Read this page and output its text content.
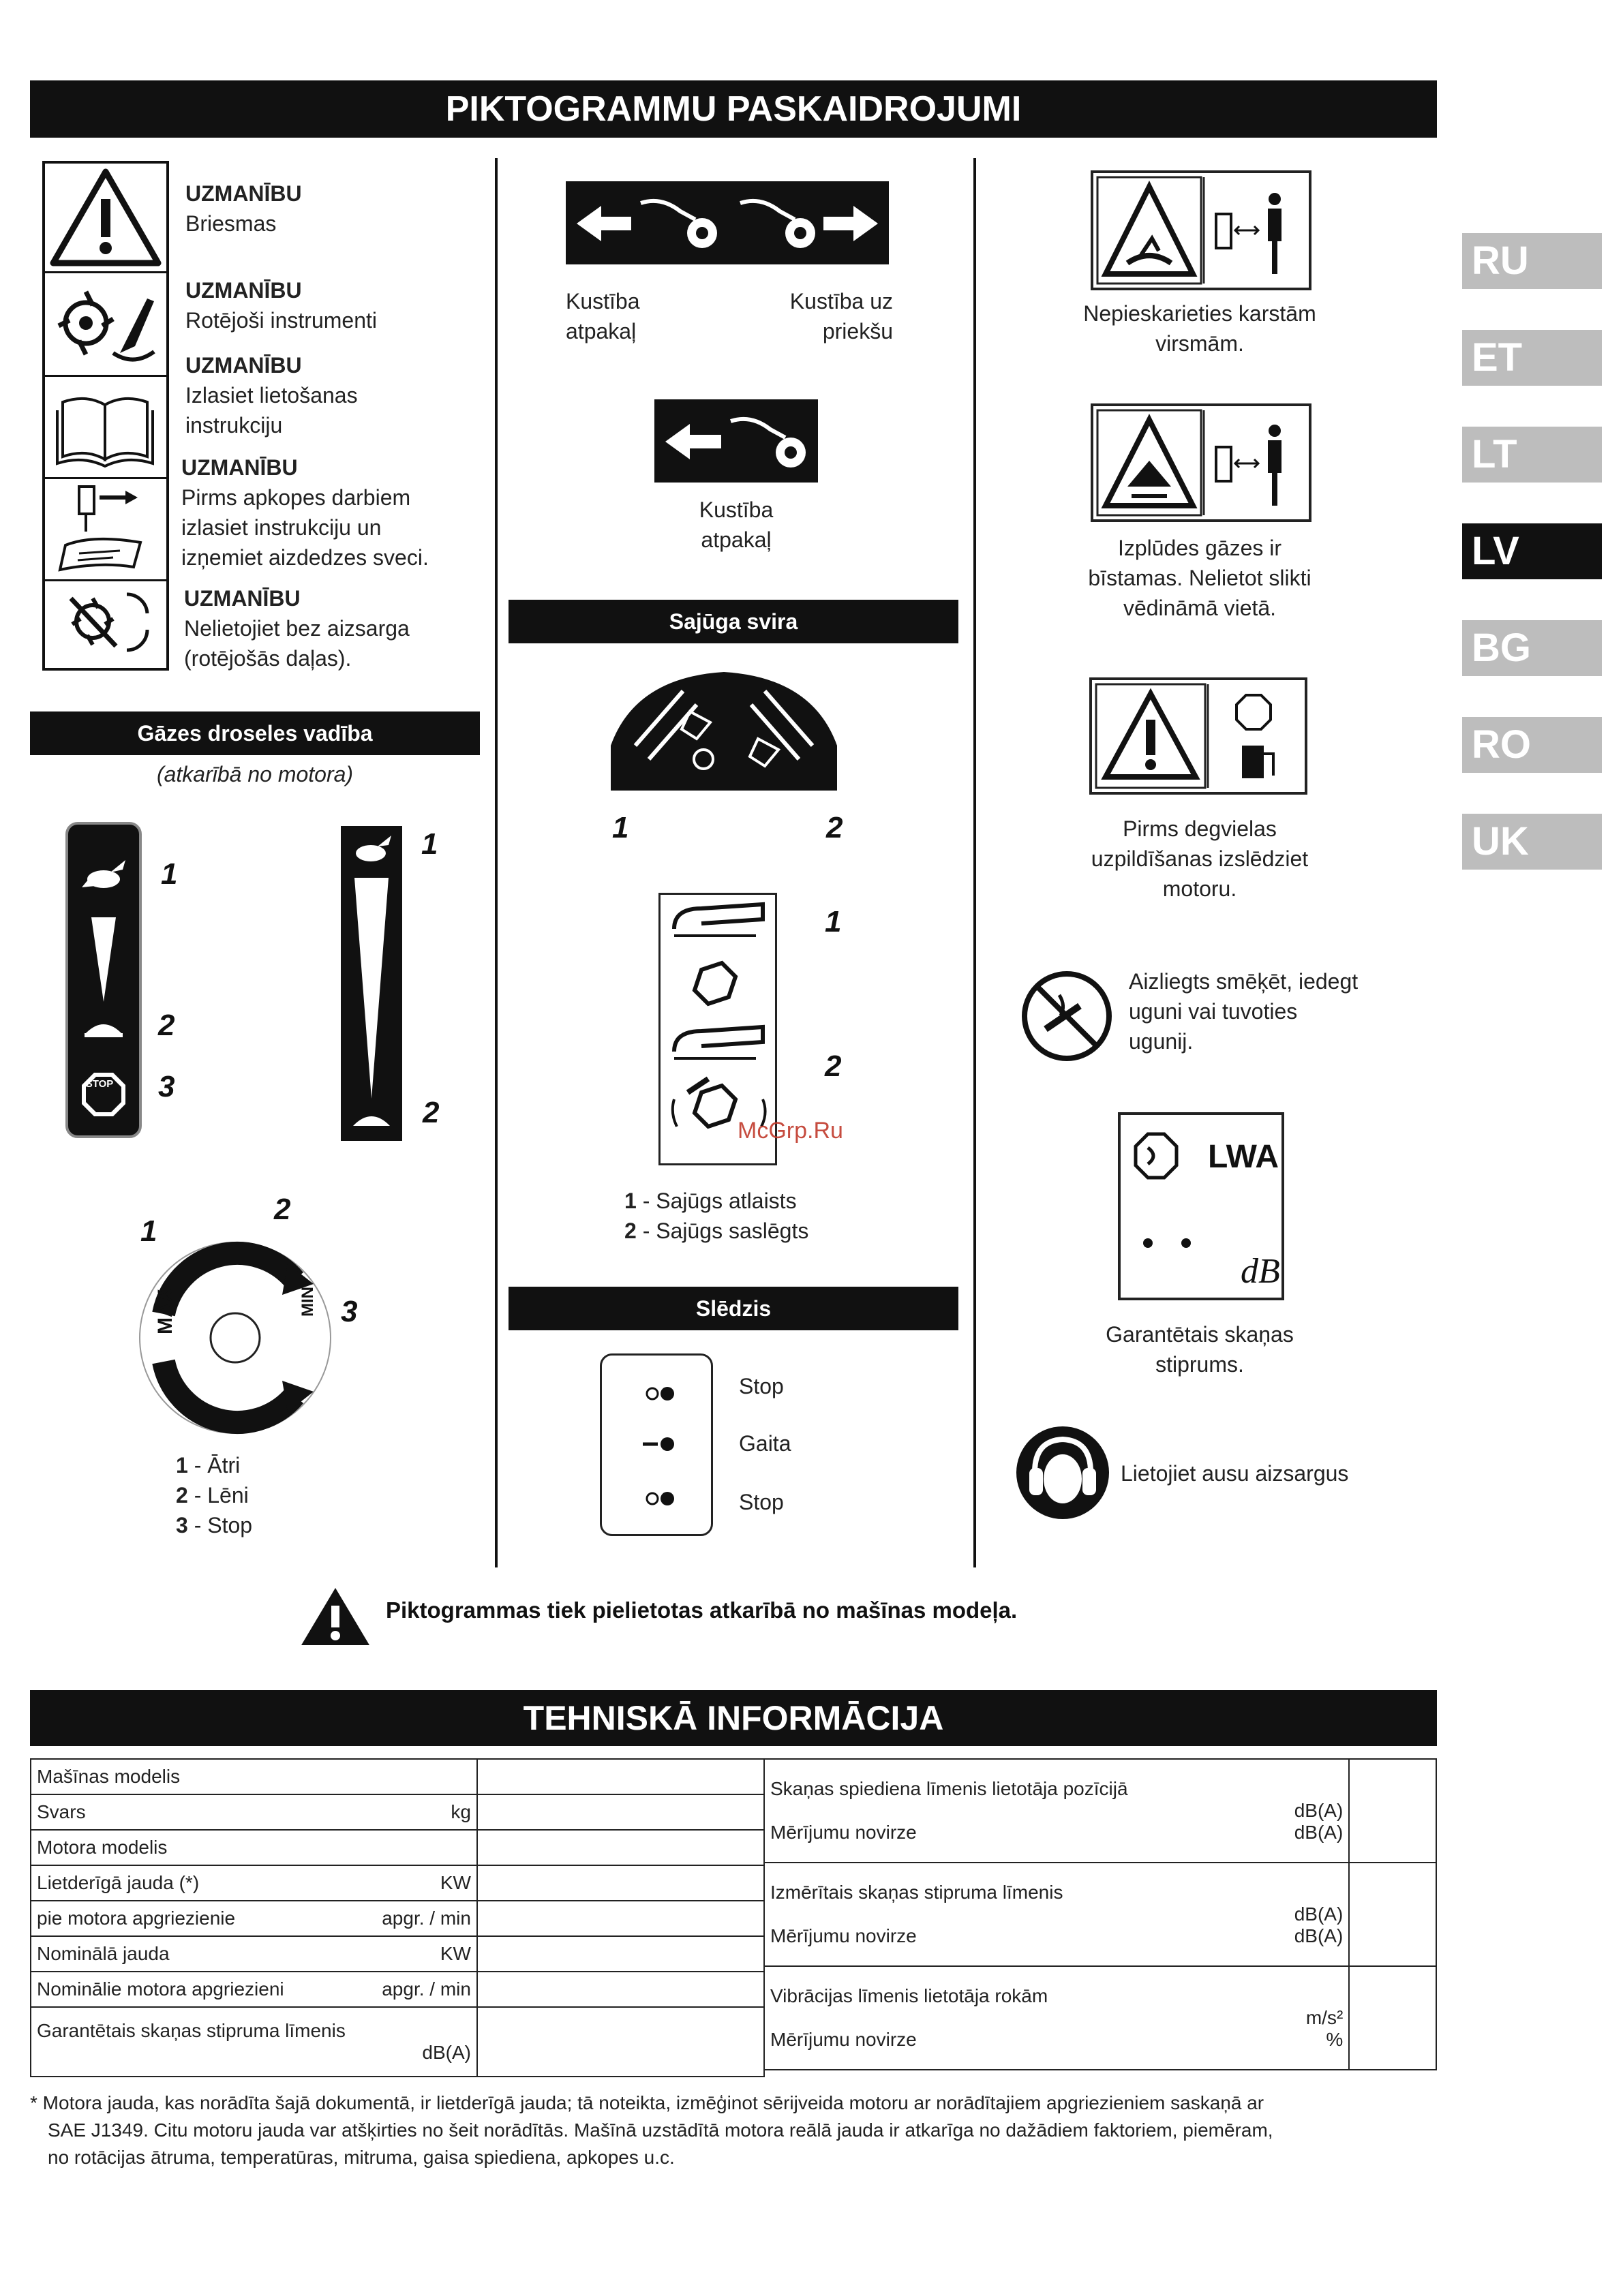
PIKTOGRAMMU PASKAIDROJUMI
RU
ET
LT
LV
BG
RO
UK
UZMANĪBU
Briesmas
UZMANĪBU
Rotējoši instrumenti
UZMANĪBU
Izlasiet lietošanas
instrukciju
UZMANĪBU
Pirms apkopes darbiem
izlasiet instrukciju un
izņemiet aizdedzes sveci.
UZMANĪBU
Nelietojiet bez aizsarga
(rotējošās daļas).
Gāzes droseles vadība
(atkarībā no motora)
STOP
1
2
3
1
2
MAX	MIN
1
2
3
1 - Ātri
2 - Lēni
3 - Stop
Kustība
atpakaļ
Kustība uz
priekšu
Kustība
atpakaļ
Sajūga svira
1	2
1
2
McGrp.Ru
1 - Sajūgs atlaists
2 - Sajūgs saslēgts
Slēdzis
Stop
Gaita
Stop
Nepieskarieties karstām
virsmām.
Izplūdes gāzes ir
bīstamas. Nelietot slikti
vēdināmā vietā.
Pirms degvielas
uzpildīšanas izslēdziet
motoru.
Aizliegts smēķēt, iedegt
uguni vai tuvoties
ugunij.
LWA
dB
Garantētais skaņas
stiprums.
Lietojiet ausu aizsargus
Piktogrammas tiek pielietotas atkarībā no mašīnas modeļa.
TEHNISKĀ INFORMĀCIJA
Mašīnas modelis	

Svars kg	

Motora modelis	

Lietderīgā jauda (*) KW	

pie motora apgriezienie apgr. / min	

Nominālā jauda KW	

Nominālie motora apgriezieni apgr. / min	

Garantētais skaņas stipruma līmenis
dB(A)	

Skaņas spiediena līmenis lietotāja pozīcijā
dB(A)
Mērījumu novirze dB(A)	

Izmērītais skaņas stipruma līmenis
dB(A)
Mērījumu novirze dB(A)	

Vibrācijas līmenis lietotāja rokām
m/s²
Mērījumu novirze %	

* Motora jauda, kas norādīta šajā dokumentā, ir lietderīgā jauda; tā noteikta, izmēģinot sērijveida motoru ar norādītajiem apgriezieniem saskaņā ar
SAE J1349. Citu motoru jauda var atšķirties no šeit norādītās. Mašīnā uzstādītā motora reālā jauda ir atkarīga no dažādiem faktoriem, piemēram,
no rotācijas ātruma, temperatūras, mitruma, gaisa spiediena, apkopes u.c.
